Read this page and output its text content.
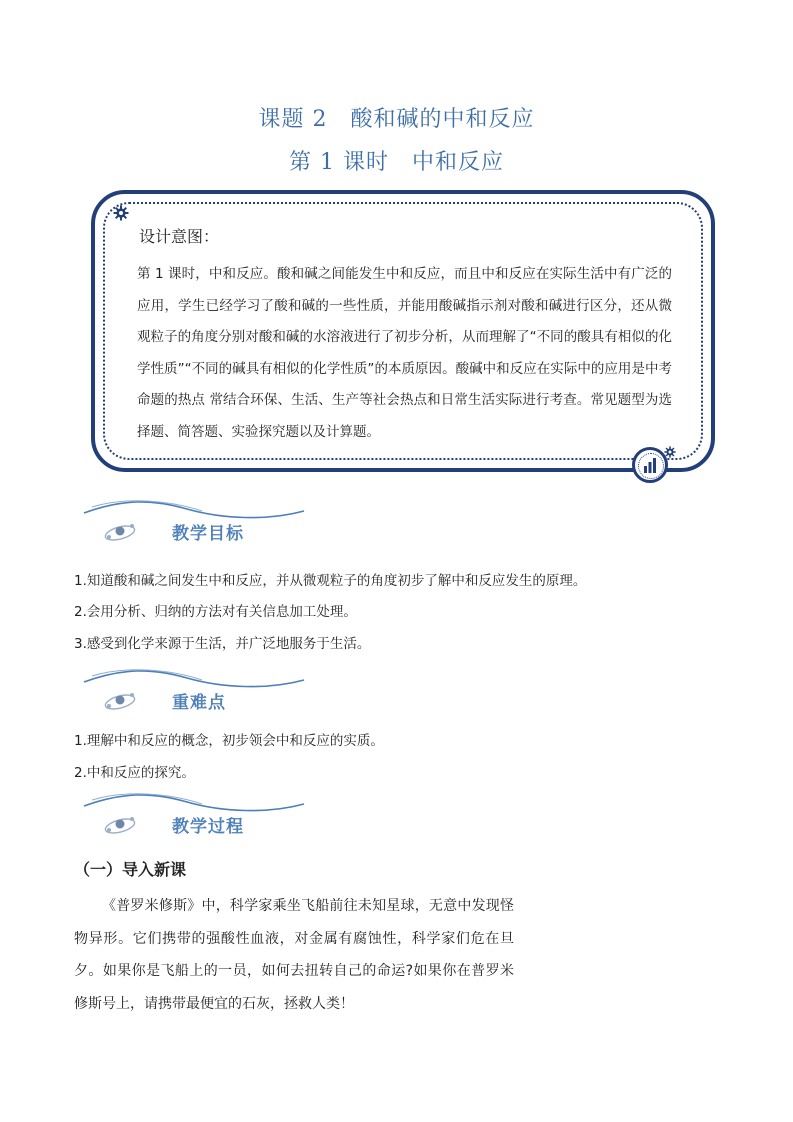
课题 2　酸和碱的中和反应
第 1 课时　中和反应
设计意图：
第 1 课时，中和反应。酸和碱之间能发生中和反应，而且中和反应在实际生活中有广泛的应用，学生已经学习了酸和碱的一些性质，并能用酸碱指示剂对酸和碱进行区分，还从微观粒子的角度分别对酸和碱的水溶液进行了初步分析，从而理解了“不同的酸具有相似的化学性质”“不同的碱具有相似的化学性质”的本质原因。酸碱中和反应在实际中的应用是中考命题的热点 常结合环保、生活、生产等社会热点和日常生活实际进行考查。常见题型为选择题、简答题、实验探究题以及计算题。
教学目标
1.知道酸和碱之间发生中和反应，并从微观粒子的角度初步了解中和反应发生的原理。
2.会用分析、归纳的方法对有关信息加工处理。
3.感受到化学来源于生活，并广泛地服务于生活。
重难点
1.理解中和反应的概念，初步领会中和反应的实质。
2.中和反应的探究。
教学过程
（一）导入新课
《普罗米修斯》中，科学家乘坐飞船前往未知星球，无意中发现怪物异形。它们携带的强酸性血液，对金属有腐蚀性，科学家们危在旦夕。如果你是飞船上的一员，如何去扭转自己的命运?如果你在普罗米修斯号上，请携带最便宜的石灰，拯救人类！
